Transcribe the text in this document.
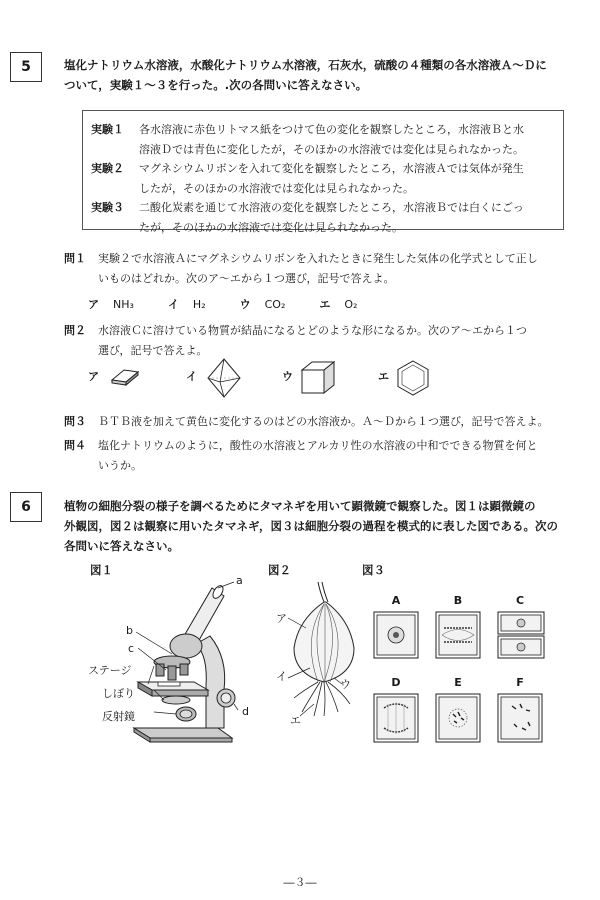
5	塩化ナトリウム水溶液，水酸化ナトリウム水溶液，石灰水，硫酸の４種類の各水溶液Ａ～Ｄに
ついて，実験１～３を行った。.次の各問いに答えなさい。
実験１	各水溶液に赤色リトマス紙をつけて色の変化を観察したところ，水溶液Ｂと水
溶液Ｄでは青色に変化したが，そのほかの水溶液では変化は見られなかった。
実験２	マグネシウムリボンを入れて変化を観察したところ，水溶液Ａでは気体が発生
したが，そのほかの水溶液では変化は見られなかった。
実験３	二酸化炭素を通じて水溶液の変化を観察したところ，水溶液Ｂでは白くにごっ
たが，そのほかの水溶液では変化は見られなかった。
問１	実験２で水溶液Ａにマグネシウムリボンを入れたときに発生した気体の化学式として正し
いものはどれか。次のア～エから１つ選び，記号で答えよ。
ア NH₃	イ H₂	ウ CO₂	エ O₂
問２	水溶液Ｃに溶けている物質が結晶になるとどのような形になるか。次のア～エから１つ
選び，記号で答えよ。
ア	イ	ウ	エ
問３	ＢＴＢ液を加えて黄色に変化するのはどの水溶液か。Ａ～Ｄから１つ選び，記号で答えよ。
問４	塩化ナトリウムのように，酸性の水溶液とアルカリ性の水溶液の中和でできる物質を何と
いうか。
6	植物の細胞分裂の様子を調べるためにタマネギを用いて顕微鏡で観察した。図１は顕微鏡の
外観図，図２は観察に用いたタマネギ，図３は細胞分裂の過程を模式的に表した図である。次の
各問いに答えなさい。
図１
a
b
c
ステージ
しぼり
反射鏡	d
図２
ア
イ
ウ
エ
図３
A	B	C
D	E	F
―３―
